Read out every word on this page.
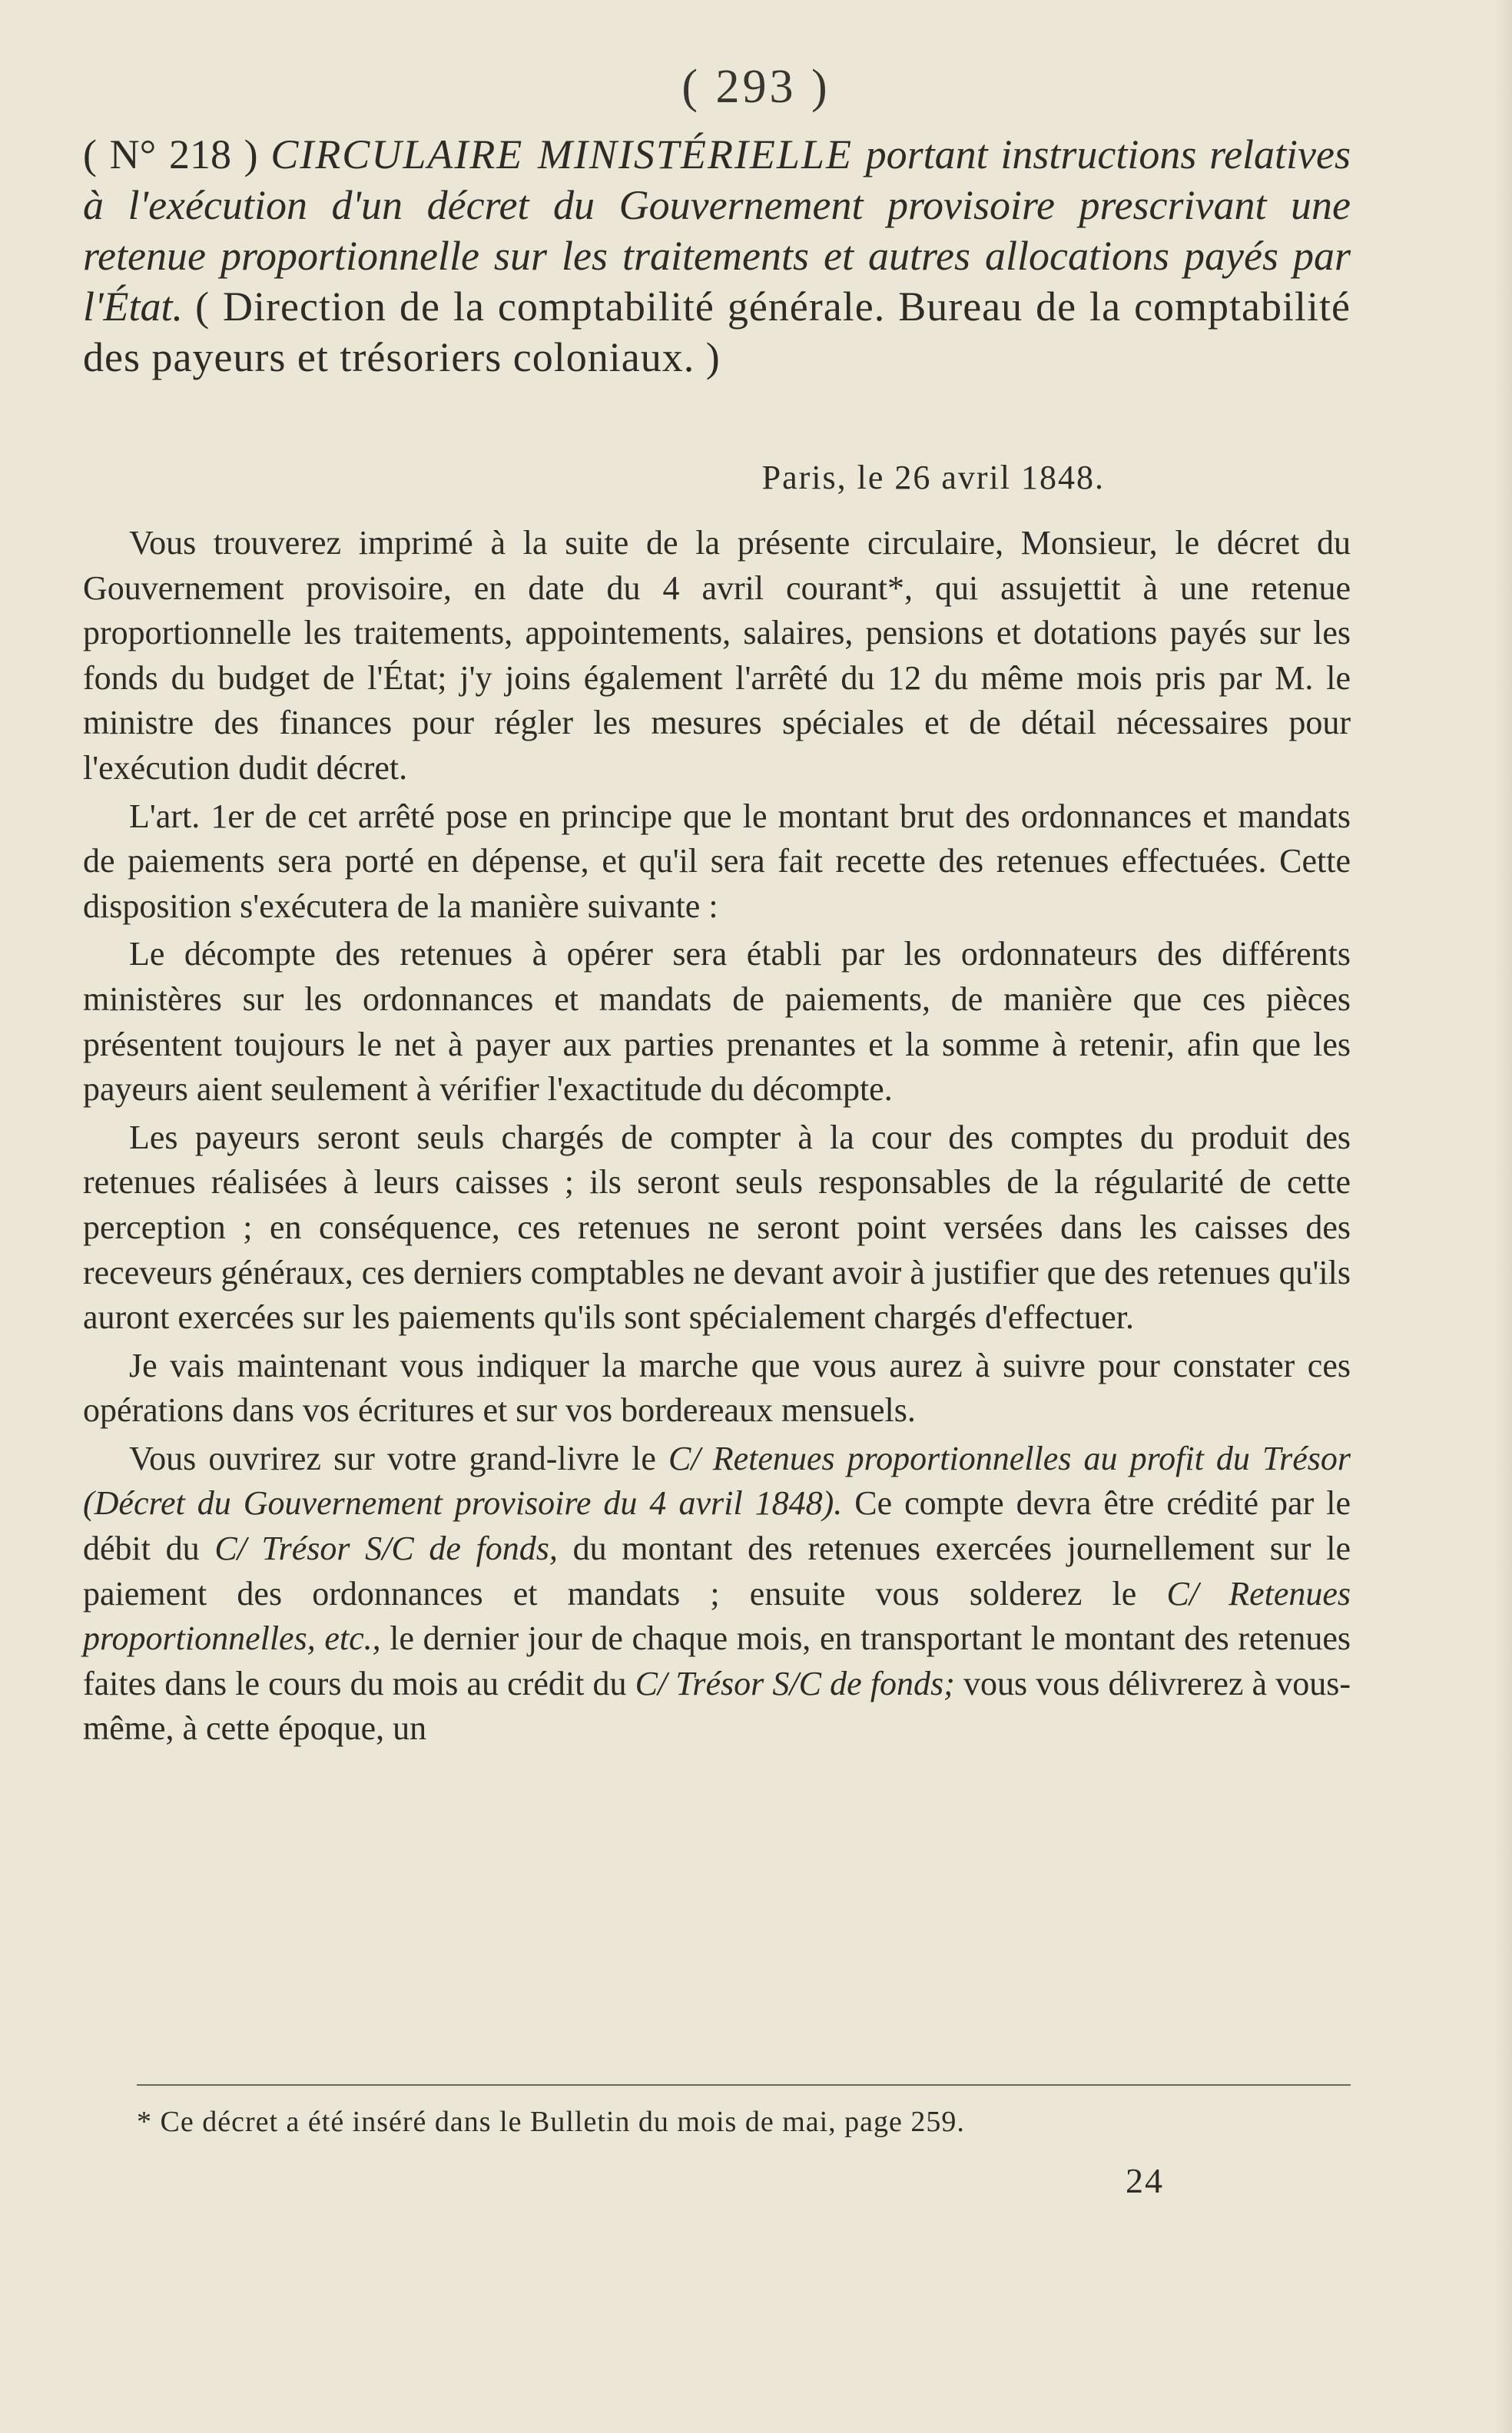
( 293 )
( N° 218 ) CIRCULAIRE MINISTÉRIELLE portant instructions relatives à l'exécution d'un décret du Gouvernement provisoire prescrivant une retenue proportionnelle sur les traitements et autres allocations payés par l'État. ( Direction de la comptabilité générale. Bureau de la comptabilité des payeurs et trésoriers coloniaux. )
Paris, le 26 avril 1848.

Vous trouverez imprimé à la suite de la présente circulaire, Monsieur, le décret du Gouvernement provisoire, en date du 4 avril courant*, qui assujettit à une retenue proportionnelle les traitements, appointements, salaires, pensions et dotations payés sur les fonds du budget de l'État; j'y joins également l'arrêté du 12 du même mois pris par M. le ministre des finances pour régler les mesures spéciales et de détail nécessaires pour l'exécution dudit décret.

L'art. 1er de cet arrêté pose en principe que le montant brut des ordonnances et mandats de paiements sera porté en dépense, et qu'il sera fait recette des retenues effectuées. Cette disposition s'exécutera de la manière suivante :

Le décompte des retenues à opérer sera établi par les ordonnateurs des différents ministères sur les ordonnances et mandats de paiements, de manière que ces pièces présentent toujours le net à payer aux parties prenantes et la somme à retenir, afin que les payeurs aient seulement à vérifier l'exactitude du décompte.

Les payeurs seront seuls chargés de compter à la cour des comptes du produit des retenues réalisées à leurs caisses ; ils seront seuls responsables de la régularité de cette perception ; en conséquence, ces retenues ne seront point versées dans les caisses des receveurs généraux, ces derniers comptables ne devant avoir à justifier que des retenues qu'ils auront exercées sur les paiements qu'ils sont spécialement chargés d'effectuer.

Je vais maintenant vous indiquer la marche que vous aurez à suivre pour constater ces opérations dans vos écritures et sur vos bordereaux mensuels.

Vous ouvrirez sur votre grand-livre le C/ Retenues proportionnelles au profit du Trésor (Décret du Gouvernement provisoire du 4 avril 1848). Ce compte devra être crédité par le débit du C/ Trésor S/C de fonds, du montant des retenues exercées journellement sur le paiement des ordonnances et mandats ; ensuite vous solderez le C/ Retenues proportionnelles, etc., le dernier jour de chaque mois, en transportant le montant des retenues faites dans le cours du mois au crédit du C/ Trésor S/C de fonds; vous vous délivrerez à vous-même, à cette époque, un

* Ce décret a été inséré dans le Bulletin du mois de mai, page 259.
24
